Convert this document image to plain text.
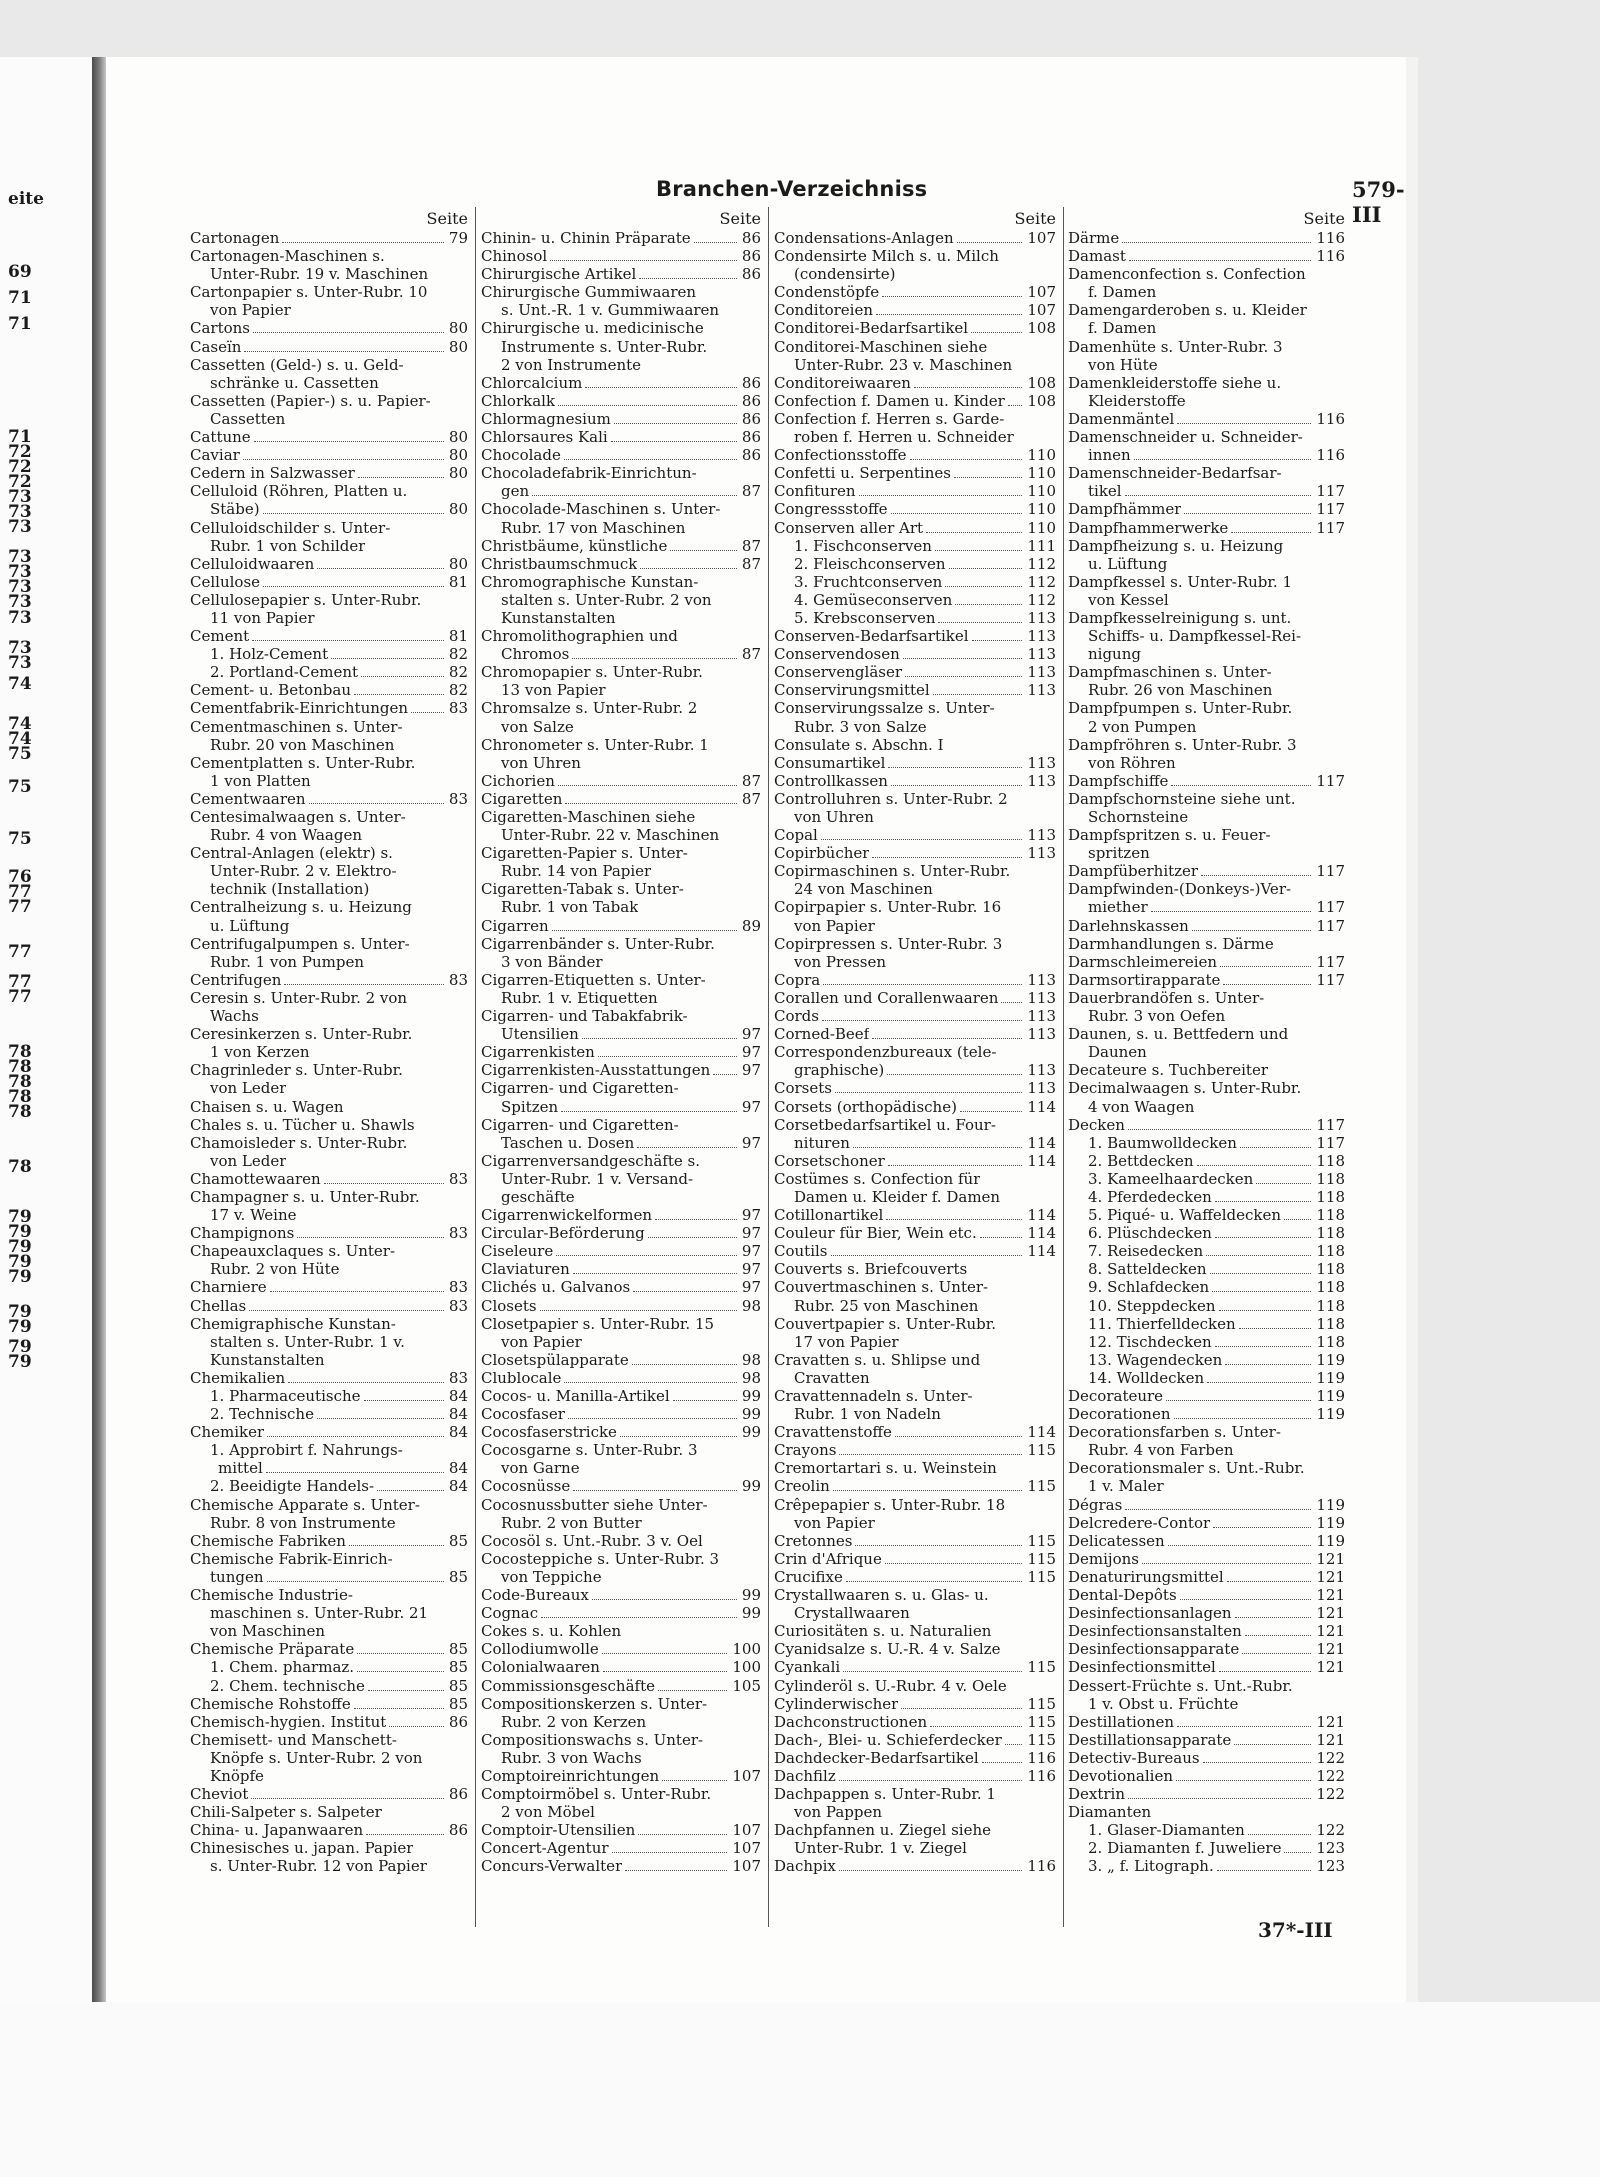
eite
69
71
71
71
72
72
72
73
73
73
73
73
73
73
73
73
73
74
74
74
75
75
75
76
77
77
77
77
77
78
78
78
78
78
78
79
79
79
79
79
79
79
79
79
Branchen-Verzeichniss	579-III
Seite
Cartonagen	79
Cartonagen-Maschinen s.
Unter-Rubr. 19 v. Maschinen
Cartonpapier s. Unter-Rubr. 10
von Papier
Cartons	80
Caseïn	80
Cassetten (Geld-) s. u. Geld-
schränke u. Cassetten
Cassetten (Papier-) s. u. Papier-
Cassetten
Cattune	80
Caviar	80
Cedern in Salzwasser	80
Celluloid (Röhren, Platten u.
Stäbe)	80
Celluloidschilder s. Unter-
Rubr. 1 von Schilder
Celluloidwaaren	80
Cellulose	81
Cellulosepapier s. Unter-Rubr.
11 von Papier
Cement	81
1. Holz-Cement	82
2. Portland-Cement	82
Cement- u. Betonbau	82
Cementfabrik-Einrichtungen	83
Cementmaschinen s. Unter-
Rubr. 20 von Maschinen
Cementplatten s. Unter-Rubr.
1 von Platten
Cementwaaren	83
Centesimalwaagen s. Unter-
Rubr. 4 von Waagen
Central-Anlagen (elektr) s.
Unter-Rubr. 2 v. Elektro-
technik (Installation)
Centralheizung s. u. Heizung
u. Lüftung
Centrifugalpumpen s. Unter-
Rubr. 1 von Pumpen
Centrifugen	83
Ceresin s. Unter-Rubr. 2 von
Wachs
Ceresinkerzen s. Unter-Rubr.
1 von Kerzen
Chagrinleder s. Unter-Rubr.
von Leder
Chaisen s. u. Wagen
Chales s. u. Tücher u. Shawls
Chamoisleder s. Unter-Rubr.
von Leder
Chamottewaaren	83
Champagner s. u. Unter-Rubr.
17 v. Weine
Champignons	83
Chapeauxclaques s. Unter-
Rubr. 2 von Hüte
Charniere	83
Chellas	83
Chemigraphische Kunstan-
stalten s. Unter-Rubr. 1 v.
Kunstanstalten
Chemikalien	83
1. Pharmaceutische	84
2. Technische	84
Chemiker	84
1. Approbirt f. Nahrungs-
mittel	84
2. Beeidigte Handels-	84
Chemische Apparate s. Unter-
Rubr. 8 von Instrumente
Chemische Fabriken	85
Chemische Fabrik-Einrich-
tungen	85
Chemische Industrie-
maschinen s. Unter-Rubr. 21
von Maschinen
Chemische Präparate	85
1. Chem. pharmaz.	85
2. Chem. technische	85
Chemische Rohstoffe	85
Chemisch-hygien. Institut	86
Chemisett- und Manschett-
Knöpfe s. Unter-Rubr. 2 von
Knöpfe
Cheviot	86
Chili-Salpeter s. Salpeter
China- u. Japanwaaren	86
Chinesisches u. japan. Papier
s. Unter-Rubr. 12 von Papier
Seite
Chinin- u. Chinin Präparate	86
Chinosol	86
Chirurgische Artikel	86
Chirurgische Gummiwaaren
s. Unt.-R. 1 v. Gummiwaaren
Chirurgische u. medicinische
Instrumente s. Unter-Rubr.
2 von Instrumente
Chlorcalcium	86
Chlorkalk	86
Chlormagnesium	86
Chlorsaures Kali	86
Chocolade	86
Chocoladefabrik-Einrichtun-
gen	87
Chocolade-Maschinen s. Unter-
Rubr. 17 von Maschinen
Christbäume, künstliche	87
Christbaumschmuck	87
Chromographische Kunstan-
stalten s. Unter-Rubr. 2 von
Kunstanstalten
Chromolithographien und
Chromos	87
Chromopapier s. Unter-Rubr.
13 von Papier
Chromsalze s. Unter-Rubr. 2
von Salze
Chronometer s. Unter-Rubr. 1
von Uhren
Cichorien	87
Cigaretten	87
Cigaretten-Maschinen siehe
Unter-Rubr. 22 v. Maschinen
Cigaretten-Papier s. Unter-
Rubr. 14 von Papier
Cigaretten-Tabak s. Unter-
Rubr. 1 von Tabak
Cigarren	89
Cigarrenbänder s. Unter-Rubr.
3 von Bänder
Cigarren-Etiquetten s. Unter-
Rubr. 1 v. Etiquetten
Cigarren- und Tabakfabrik-
Utensilien	97
Cigarrenkisten	97
Cigarrenkisten-Ausstattungen 97
Cigarren- und Cigaretten-
Spitzen	97
Cigarren- und Cigaretten-
Taschen u. Dosen	97
Cigarrenversandgeschäfte s.
Unter-Rubr. 1 v. Versand-
geschäfte
Cigarrenwickelformen	97
Circular-Beförderung	97
Ciseleure	97
Claviaturen	97
Clichés u. Galvanos	97
Closets	98
Closetpapier s. Unter-Rubr. 15
von Papier
Closetspülapparate	98
Clublocale	98
Cocos- u. Manilla-Artikel	99
Cocosfaser	99
Cocosfaserstricke	99
Cocosgarne s. Unter-Rubr. 3
von Garne
Cocosnüsse	99
Cocosnussbutter siehe Unter-
Rubr. 2 von Butter
Cocosöl s. Unt.-Rubr. 3 v. Oel
Cocosteppiche s. Unter-Rubr. 3
von Teppiche
Code-Bureaux	99
Cognac	99
Cokes s. u. Kohlen
Collodiumwolle	100
Colonialwaaren	100
Commissionsgeschäfte	105
Compositionskerzen s. Unter-
Rubr. 2 von Kerzen
Compositionswachs s. Unter-
Rubr. 3 von Wachs
Comptoireinrichtungen	107
Comptoirmöbel s. Unter-Rubr.
2 von Möbel
Comptoir-Utensilien	107
Concert-Agentur	107
Concurs-Verwalter	107
Seite
Condensations-Anlagen	107
Condensirte Milch s. u. Milch
(condensirte)
Condenstöpfe	107
Conditoreien	107
Conditorei-Bedarfsartikel	108
Conditorei-Maschinen siehe
Unter-Rubr. 23 v. Maschinen
Conditoreiwaaren	108
Confection f. Damen u. Kinder 108
Confection f. Herren s. Garde-
roben f. Herren u. Schneider
Confectionsstoffe	110
Confetti u. Serpentines	110
Confituren	110
Congressstoffe	110
Conserven aller Art	110
1. Fischconserven	111
2. Fleischconserven	112
3. Fruchtconserven	112
4. Gemüseconserven	112
5. Krebsconserven	113
Conserven-Bedarfsartikel	113
Conservendosen	113
Conservengläser	113
Conservirungsmittel	113
Conservirungssalze s. Unter-
Rubr. 3 von Salze
Consulate s. Abschn. I
Consumartikel	113
Controllkassen	113
Controlluhren s. Unter-Rubr. 2
von Uhren
Copal	113
Copirbücher	113
Copirmaschinen s. Unter-Rubr.
24 von Maschinen
Copirpapier s. Unter-Rubr. 16
von Papier
Copirpressen s. Unter-Rubr. 3
von Pressen
Copra	113
Corallen und Corallenwaaren 113
Cords	113
Corned-Beef	113
Correspondenzbureaux (tele-
graphische)	113
Corsets	113
Corsets (orthopädische)	114
Corsetbedarfsartikel u. Four-
nituren	114
Corsetschoner	114
Costümes s. Confection für
Damen u. Kleider f. Damen
Cotillonartikel	114
Couleur für Bier, Wein etc.	114
Coutils	114
Couverts s. Briefcouverts
Couvertmaschinen s. Unter-
Rubr. 25 von Maschinen
Couvertpapier s. Unter-Rubr.
17 von Papier
Cravatten s. u. Shlipse und
Cravatten
Cravattennadeln s. Unter-
Rubr. 1 von Nadeln
Cravattenstoffe	114
Crayons	115
Cremortartari s. u. Weinstein
Creolin	115
Crêpepapier s. Unter-Rubr. 18
von Papier
Cretonnes	115
Crin d'Afrique	115
Crucifixe	115
Crystallwaaren s. u. Glas- u.
Crystallwaaren
Curiositäten s. u. Naturalien
Cyanidsalze s. U.-R. 4 v. Salze
Cyankali	115
Cylinderöl s. U.-Rubr. 4 v. Oele
Cylinderwischer	115
Dachconstructionen	115
Dach-, Blei- u. Schieferdecker 115
Dachdecker-Bedarfsartikel	116
Dachfilz	116
Dachpappen s. Unter-Rubr. 1
von Pappen
Dachpfannen u. Ziegel siehe
Unter-Rubr. 1 v. Ziegel
Dachpix	116
Seite
Därme	116
Damast	116
Damenconfection s. Confection
f. Damen
Damengarderoben s. u. Kleider
f. Damen
Damenhüte s. Unter-Rubr. 3
von Hüte
Damenkleiderstoffe siehe u.
Kleiderstoffe
Damenmäntel	116
Damenschneider u. Schneider-
innen	116
Damenschneider-Bedarfsar-
tikel	117
Dampfhämmer	117
Dampfhammerwerke	117
Dampfheizung s. u. Heizung
u. Lüftung
Dampfkessel s. Unter-Rubr. 1
von Kessel
Dampfkesselreinigung s. unt.
Schiffs- u. Dampfkessel-Rei-
nigung
Dampfmaschinen s. Unter-
Rubr. 26 von Maschinen
Dampfpumpen s. Unter-Rubr.
2 von Pumpen
Dampfröhren s. Unter-Rubr. 3
von Röhren
Dampfschiffe	117
Dampfschornsteine siehe unt.
Schornsteine
Dampfspritzen s. u. Feuer-
spritzen
Dampfüberhitzer	117
Dampfwinden-(Donkeys-)Ver-
miether	117
Darlehnskassen	117
Darmhandlungen s. Därme
Darmschleimereien	117
Darmsortirapparate	117
Dauerbrandöfen s. Unter-
Rubr. 3 von Oefen
Daunen, s. u. Bettfedern und
Daunen
Decateure s. Tuchbereiter
Decimalwaagen s. Unter-Rubr.
4 von Waagen
Decken	117
1. Baumwolldecken	117
2. Bettdecken	118
3. Kameelhaardecken	118
4. Pferdedecken	118
5. Piqué- u. Waffeldecken 118
6. Plüschdecken	118
7. Reisedecken	118
8. Satteldecken	118
9. Schlafdecken	118
10. Steppdecken	118
11. Thierfelldecken	118
12. Tischdecken	118
13. Wagendecken	119
14. Wolldecken	119
Decorateure	119
Decorationen	119
Decorationsfarben s. Unter-
Rubr. 4 von Farben
Decorationsmaler s. Unt.-Rubr.
1 v. Maler
Dégras	119
Delcredere-Contor	119
Delicatessen	119
Demijons	121
Denaturirungsmittel	121
Dental-Depôts	121
Desinfectionsanlagen	121
Desinfectionsanstalten	121
Desinfectionsapparate	121
Desinfectionsmittel	121
Dessert-Früchte s. Unt.-Rubr.
1 v. Obst u. Früchte
Destillationen	121
Destillationsapparate	121
Detectiv-Bureaus	122
Devotionalien	122
Dextrin	122
Diamanten
1. Glaser-Diamanten	122
2. Diamanten f. Juweliere 123
3. „ f. Litograph.	123
37*-III
